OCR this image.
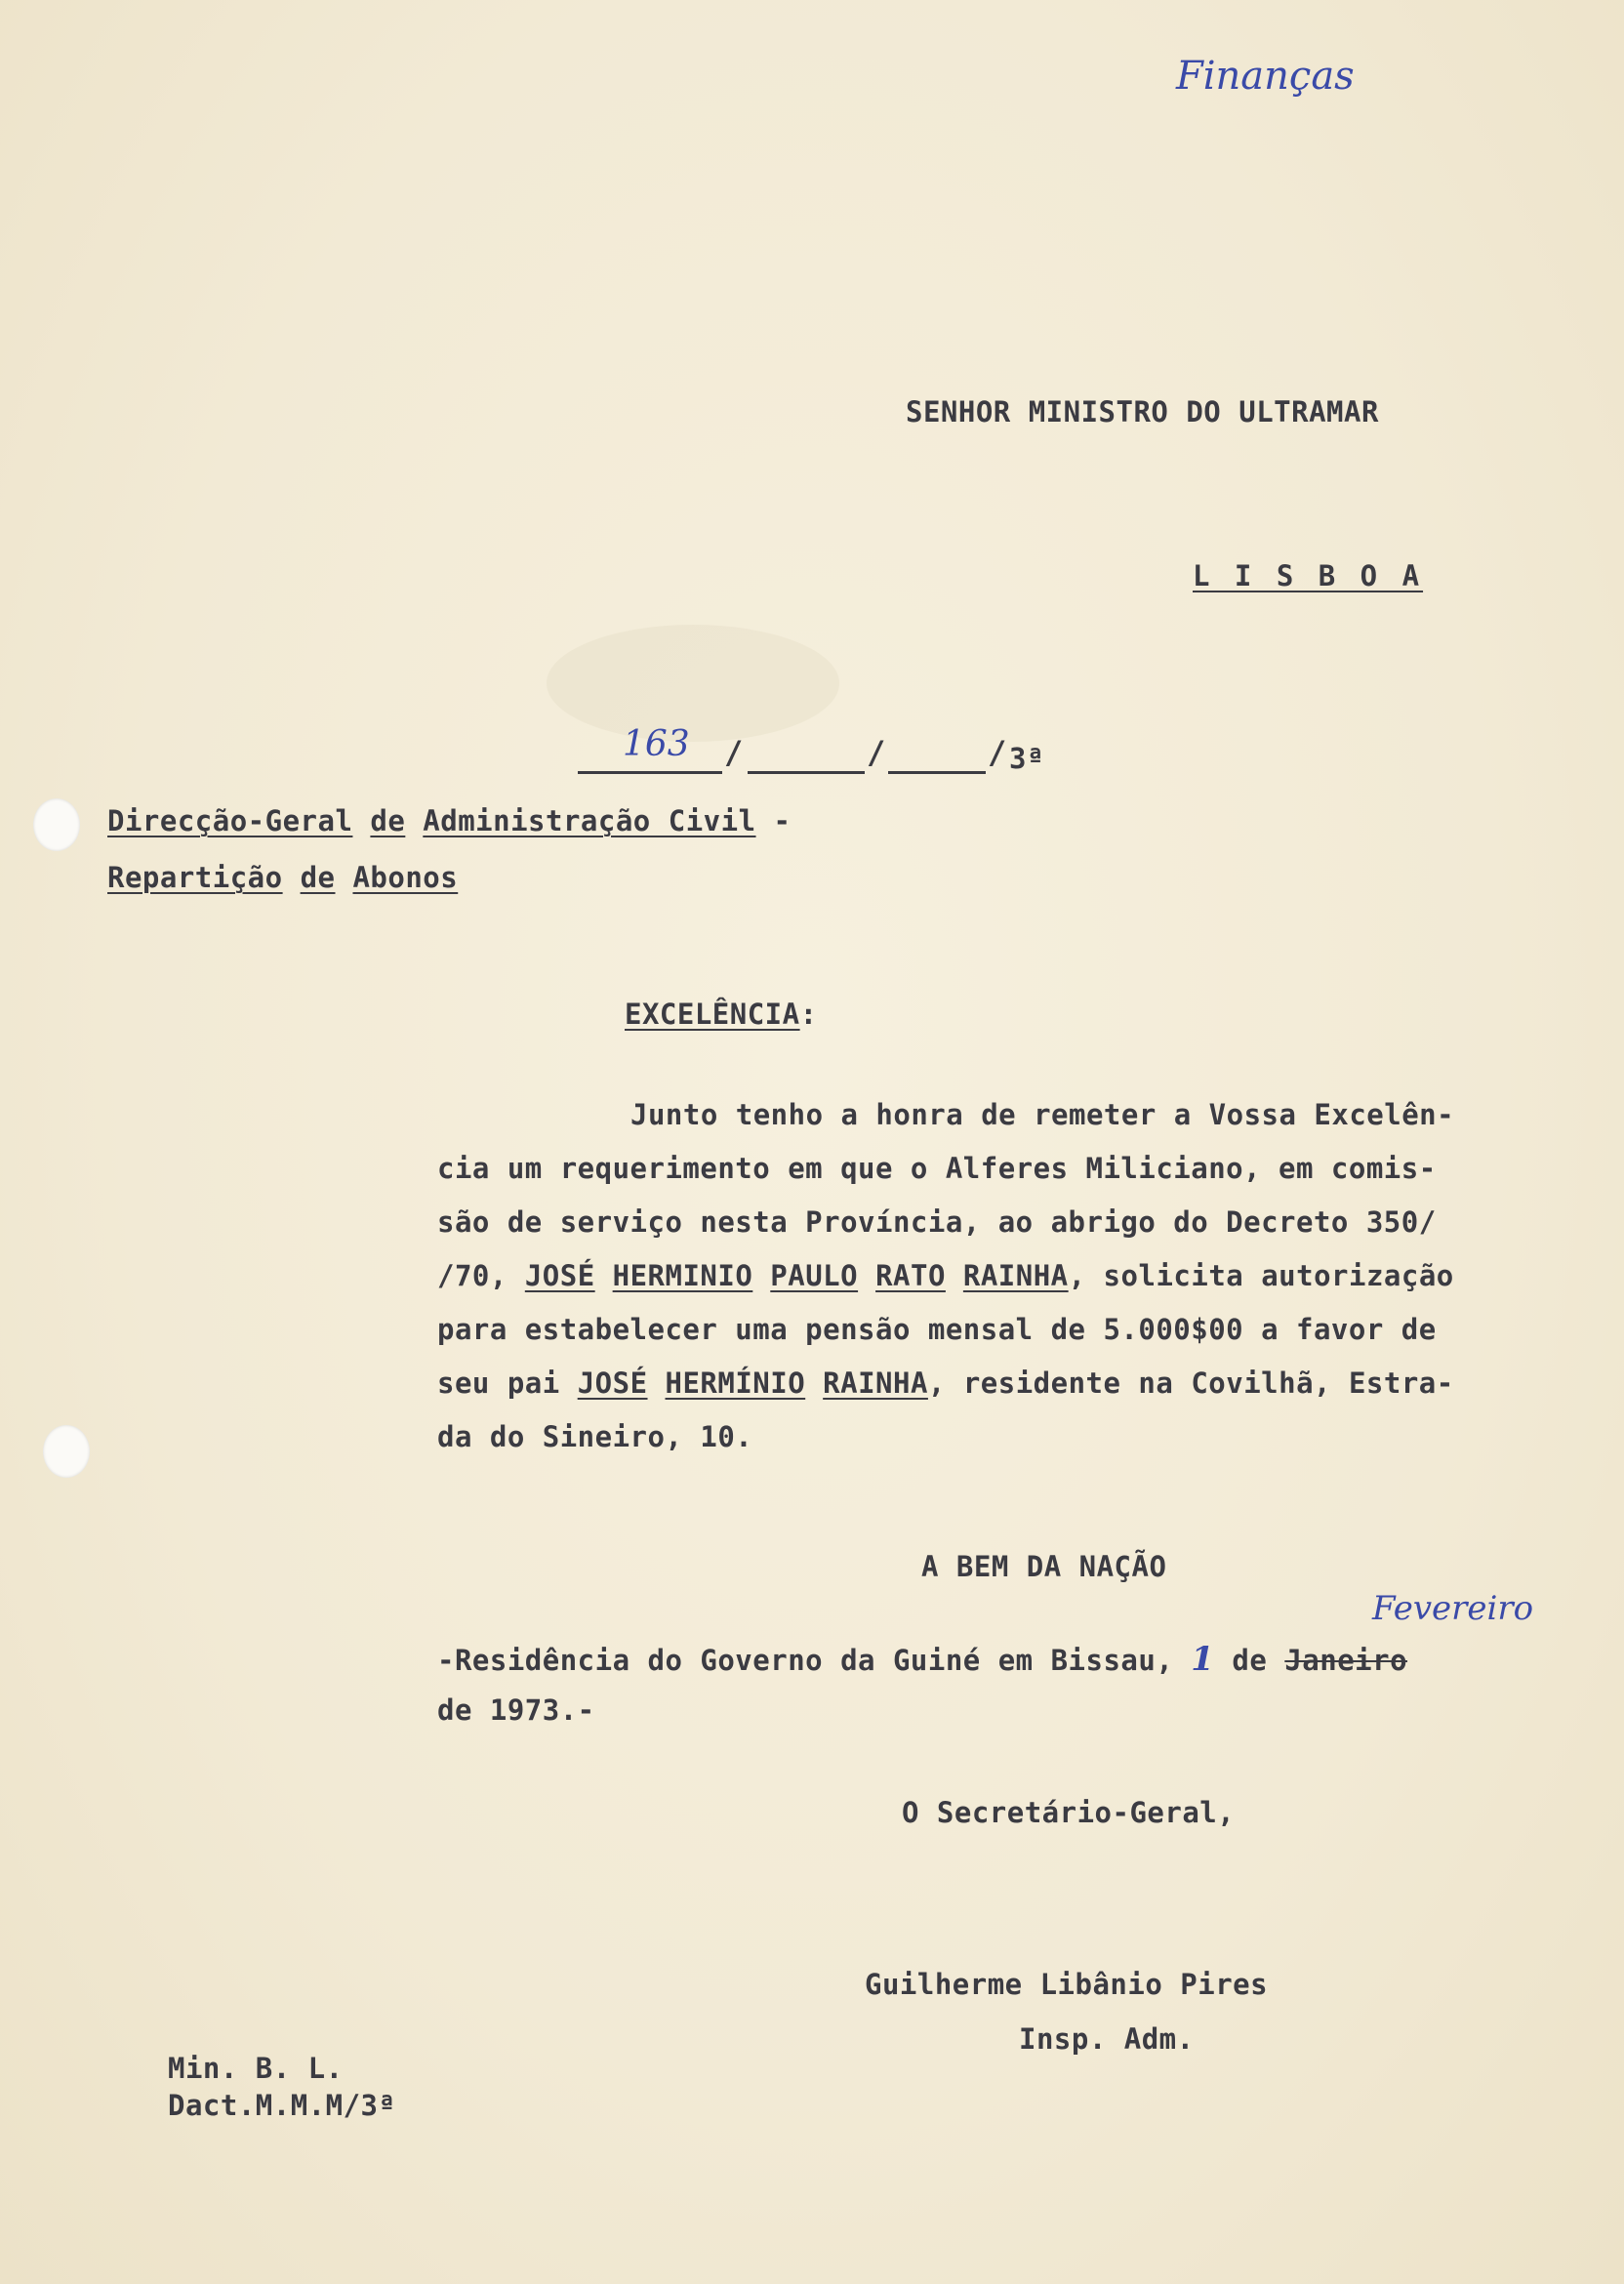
Finanças
SENHOR MINISTRO DO ULTRAMAR
L I S B O A
163 /	/	/ 3ª
Direcção-Geral de Administração Civil -
Repartição de Abonos
EXCELÊNCIA:
Junto tenho a honra de remeter a Vossa Excelên-
cia um requerimento em que o Alferes Miliciano, em comis-
são de serviço nesta Província, ao abrigo do Decreto 350/
/70, JOSÉ HERMINIO PAULO RATO RAINHA, solicita autorização
para estabelecer uma pensão mensal de 5.000$00 a favor de
seu pai JOSÉ HERMÍNIO RAINHA, residente na Covilhã, Estra-
da do Sineiro, 10.
A BEM DA NAÇÃO
Fevereiro
-Residência do Governo da Guiné em Bissau, 1 de Janeiro
de 1973.-
O Secretário-Geral,
Guilherme Libânio Pires
Insp. Adm.
Min. B. L.
Dact.M.M.M/3ª
